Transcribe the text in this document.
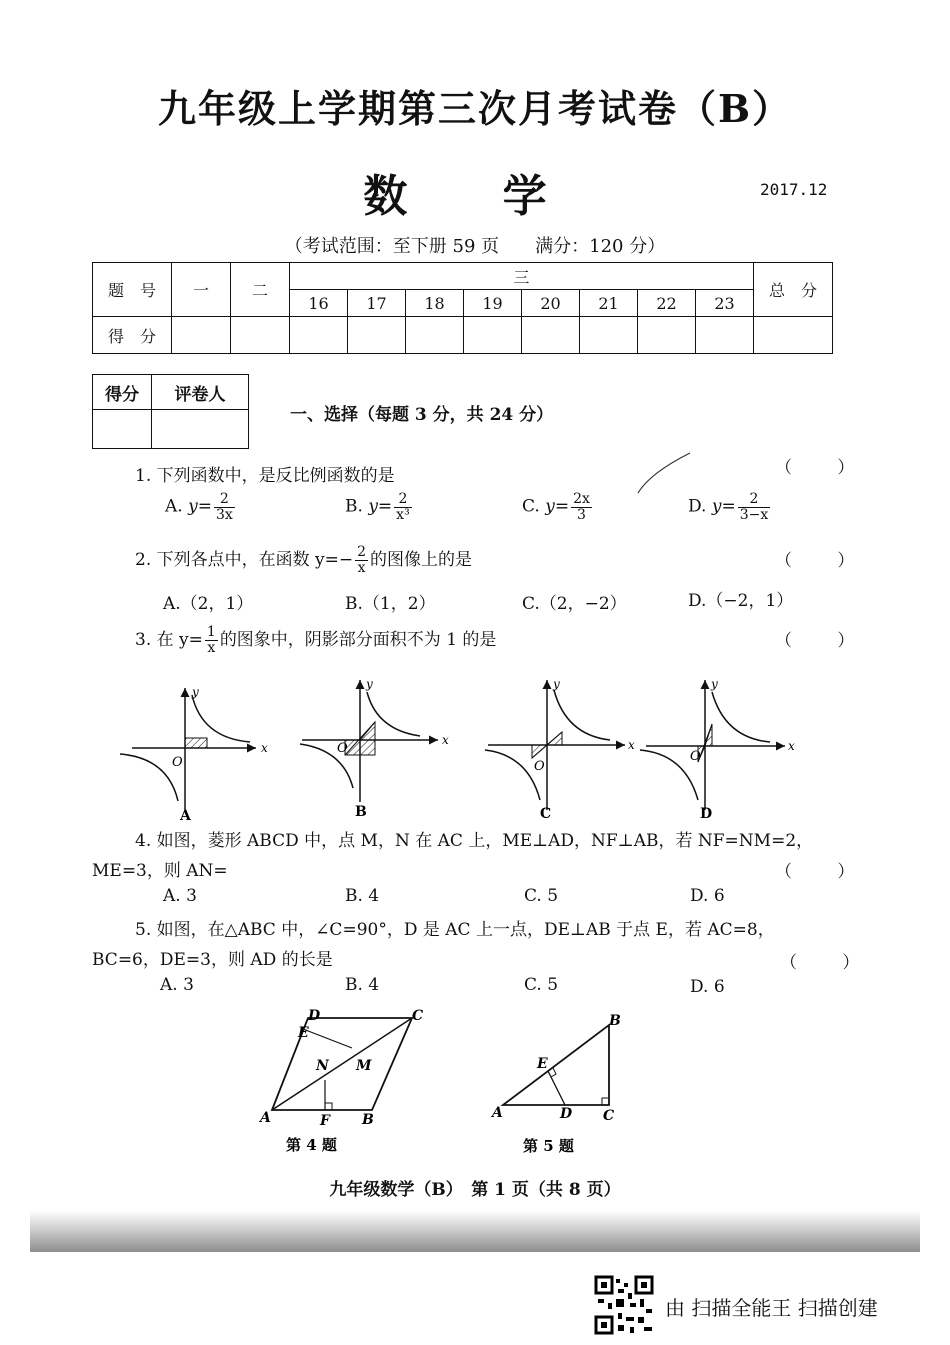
九年级上学期第三次月考试卷（B）
数 学	2017.12
（考试范围：至下册 59 页　　满分：120 分）
题　号	一	二	三								总　分
			16	17	18	19	20	21	22	23	
得　分											
得分	评卷人

一、选择（每题 3 分，共 24 分）
1. 下列函数中，是反比例函数的是	（ ）
A. $y= \frac{2}{3x}$	B. $y= \frac{2}{\text{x³}}$	C. $y= \frac{2x}{3}$	D. $y= \frac{2}{3-x}$
2. 下列各点中，在函数 $y=- \frac{2}{x}$ 的图像上的是	（ ）
A.（2，1）	B.（1，2）	C.（2，−2）	D.（−2，1）
3. 在 $y= \frac{1}{x}$ 的图象中，阴影部分面积不为 1 的是	（ ）
x
y
O
A
x
y
O
B
x
y
O
C
x
y
O
D
4. 如图，菱形 ABCD 中，点 M，N 在 AC 上，ME⊥AD，NF⊥AB，若 NF=NM=2，
ME=3，则 AN=	（ ）
A. 3	B. 4	C. 5	D. 6
5. 如图，在△ABC 中，∠C=90°，D 是 AC 上一点，DE⊥AB 于点 E，若 AC=8，
BC=6，DE=3，则 AD 的长是	（ ）
A. 3	B. 4	C. 5	D. 6
A	B
C
D
E
F
M
N
第 4 题
A
B
C
D
E
第 5 题
九年级数学（B）　第 1 页（共 8 页）
由 扫描全能王 扫描创建
